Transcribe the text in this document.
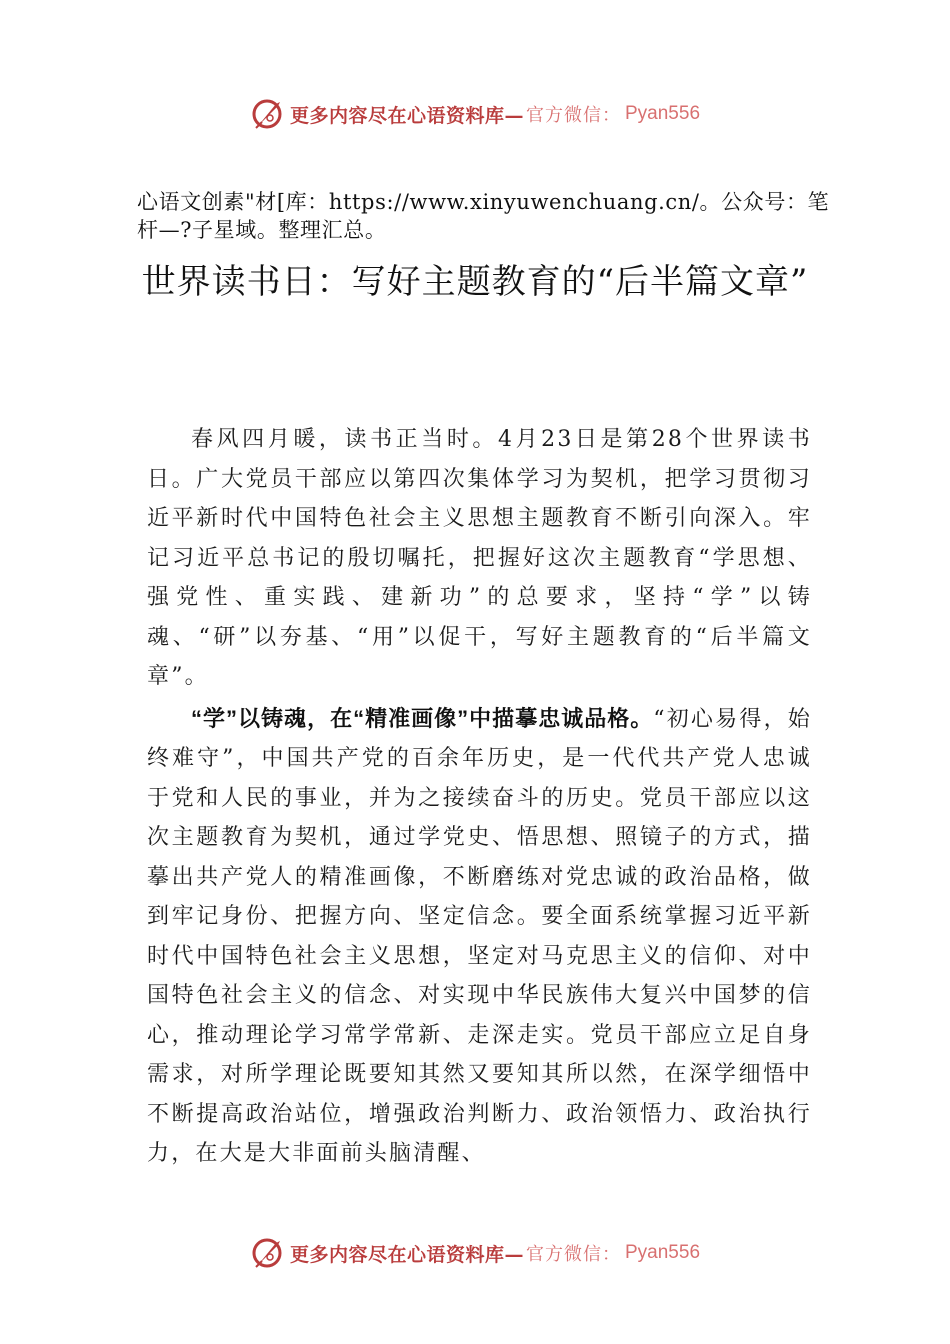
更多内容尽在心语资料库— 官方微信： Pyan556

心语文创素"材[库：https://www.xinyuwenchuang.cn/。公众号：笔杆—?子星域。整理汇总。

世界读书日：写好主题教育的“后半篇文章”

春风四月暖，读书正当时。4月23日是第28个世界读书日。广大党员干部应以第四次集体学习为契机，把学习贯彻习近平新时代中国特色社会主义思想主题教育不断引向深入。牢记习近平总书记的殷切嘱托，把握好这次主题教育“学思想、强党性、重实践、建新功”的总要求，坚持“学”以铸魂、“研”以夯基、“用”以促干，写好主题教育的“后半篇文章”。

“学”以铸魂，在“精准画像”中描摹忠诚品格。“初心易得，始终难守”，中国共产党的百余年历史，是一代代共产党人忠诚于党和人民的事业，并为之接续奋斗的历史。党员干部应以这次主题教育为契机，通过学党史、悟思想、照镜子的方式，描摹出共产党人的精准画像，不断磨练对党忠诚的政治品格，做到牢记身份、把握方向、坚定信念。要全面系统掌握习近平新时代中国特色社会主义思想，坚定对马克思主义的信仰、对中国特色社会主义的信念、对实现中华民族伟大复兴中国梦的信心，推动理论学习常学常新、走深走实。党员干部应立足自身需求，对所学理论既要知其然又要知其所以然，在深学细悟中不断提高政治站位，增强政治判断力、政治领悟力、政治执行力，在大是大非面前头脑清醒、

更多内容尽在心语资料库— 官方微信： Pyan556
